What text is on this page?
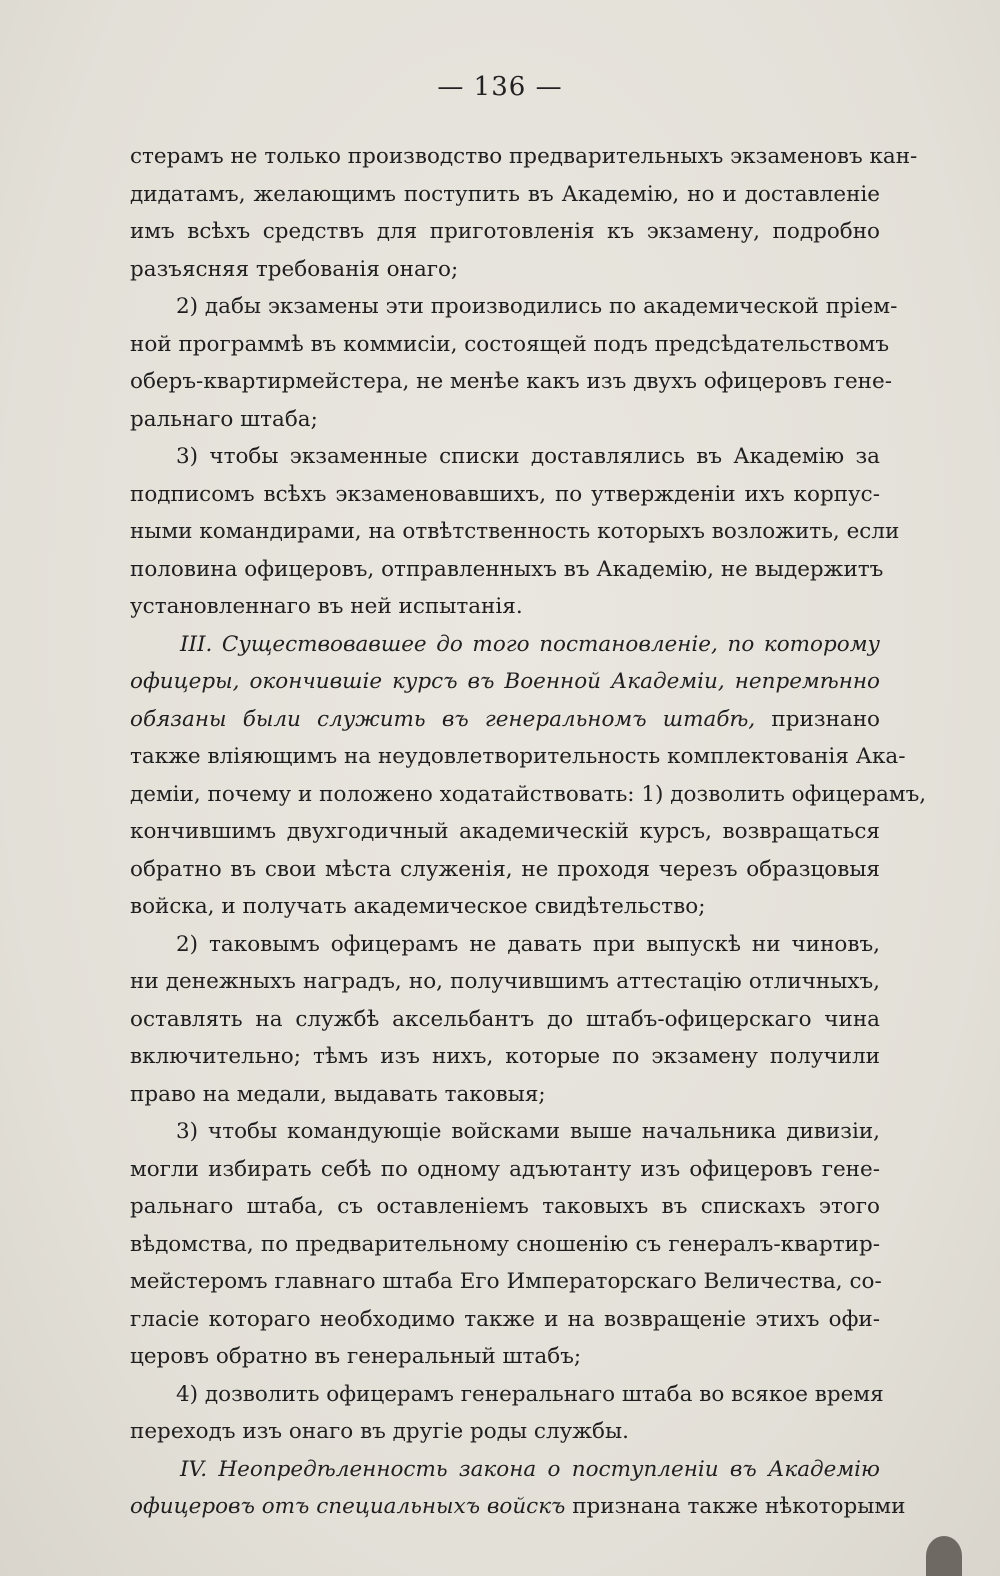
— 136 —
стерамъ не только производство предварительныхъ экзаменовъ кан-
дидатамъ, желающимъ поступить въ Академію, но и доставленіе
имъ всѣхъ средствъ для приготовленія къ экзамену, подробно
разъясняя требованія онаго;
2) дабы экзамены эти производились по академической пріем-
ной программѣ въ коммисіи, состоящей подъ предсѣдательствомъ
оберъ-квартирмейстера, не менѣе какъ изъ двухъ офицеровъ гене-
ральнаго штаба;
3) чтобы экзаменные списки доставлялись въ Академію за
подписомъ всѣхъ экзаменовавшихъ, по утвержденіи ихъ корпус-
ными командирами, на отвѣтственность которыхъ возложить, если
половина офицеровъ, отправленныхъ въ Академію, не выдержитъ
установленнаго въ ней испытанія.
III. Существовавшее до того постановленіе, по которому
офицеры, окончившіе курсъ въ Военной Академіи, непремѣнно
обязаны были служить въ генеральномъ штабѣ, признано
также вліяющимъ на неудовлетворительность комплектованія Ака-
деміи, почему и положено ходатайствовать: 1) дозволить офицерамъ,
кончившимъ двухгодичный академическій курсъ, возвращаться
обратно въ свои мѣста служенія, не проходя черезъ образцовыя
войска, и получать академическое свидѣтельство;
2) таковымъ офицерамъ не давать при выпускѣ ни чиновъ,
ни денежныхъ наградъ, но, получившимъ аттестацію отличныхъ,
оставлять на службѣ аксельбантъ до штабъ-офицерскаго чина
включительно; тѣмъ изъ нихъ, которые по экзамену получили
право на медали, выдавать таковыя;
3) чтобы командующіе войсками выше начальника дивизіи,
могли избирать себѣ по одному адъютанту изъ офицеровъ гене-
ральнаго штаба, съ оставленіемъ таковыхъ въ спискахъ этого
вѣдомства, по предварительному сношенію съ генералъ-квартир-
мейстеромъ главнаго штаба Его Императорскаго Величества, со-
гласіе котораго необходимо также и на возвращеніе этихъ офи-
церовъ обратно въ генеральный штабъ;
4) дозволить офицерамъ генеральнаго штаба во всякое время
переходъ изъ онаго въ другіе роды службы.
IV. Неопредѣленность закона о поступленіи въ Академію
офицеровъ отъ специальныхъ войскъ признана также нѣкоторыми
